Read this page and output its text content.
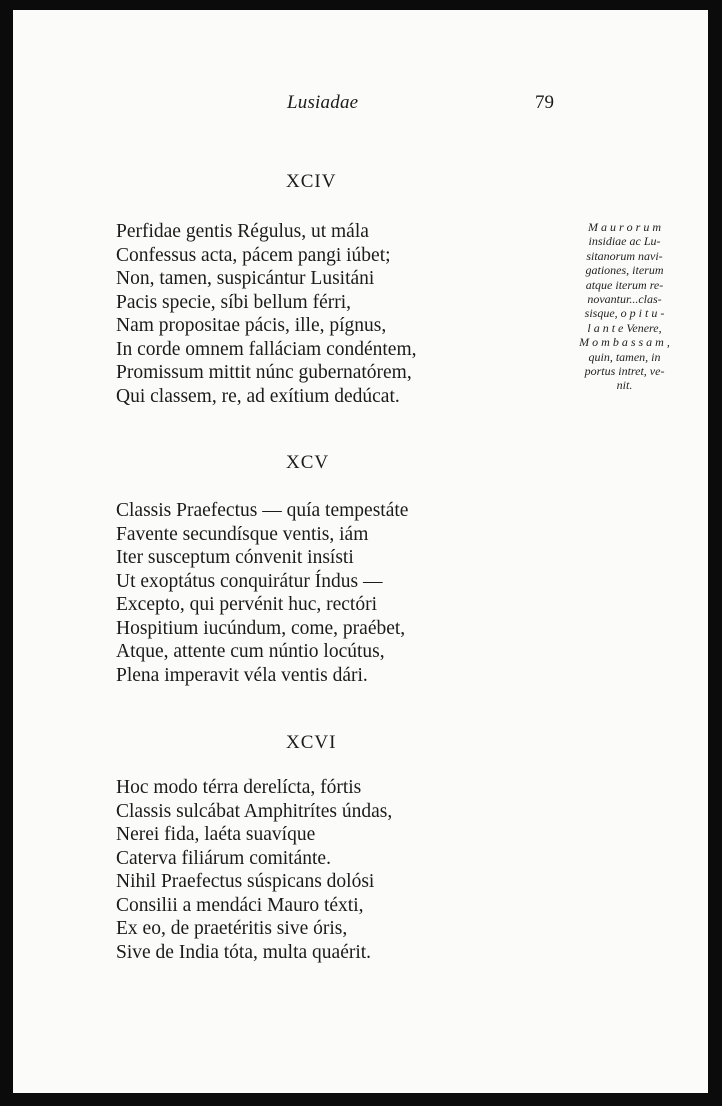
Lusiadae	79
XCIV
Perfidae gentis Régulus, ut mála
Confessus acta, pácem pangi iúbet;
Non, tamen, suspicántur Lusitáni
Pacis specie, síbi bellum férri,
Nam propositae pácis, ille, pígnus,
In corde omnem falláciam condéntem,
Promissum mittit núnc gubernatórem,
Qui classem, re, ad exítium dedúcat.
M a u r o r u m
insidiae ac Lu-
sitanorum navi-
gationes, iterum
atque iterum re-
novantur...clas-
sisque, o p i t u -
l a n t e Venere,
M o m b a s s a m ,
quin, tamen, in
portus intret, ve-
nit.
XCV
Classis Praefectus — quía tempestáte
Favente secundísque ventis, iám
Iter susceptum cónvenit insísti
Ut exoptátus conquirátur Índus —
Excepto, qui pervénit huc, rectóri
Hospitium iucúndum, come, praébet,
Atque, attente cum núntio locútus,
Plena imperavit véla ventis dári.
XCVI
Hoc modo térra derelícta, fórtis
Classis sulcábat Amphitrítes úndas,
Nerei fida, laéta suavíque
Caterva filiárum comitánte.
Nihil Praefectus súspicans dolósi
Consilii a mendáci Mauro téxti,
Ex eo, de praetéritis sive óris,
Sive de India tóta, multa quaérit.
